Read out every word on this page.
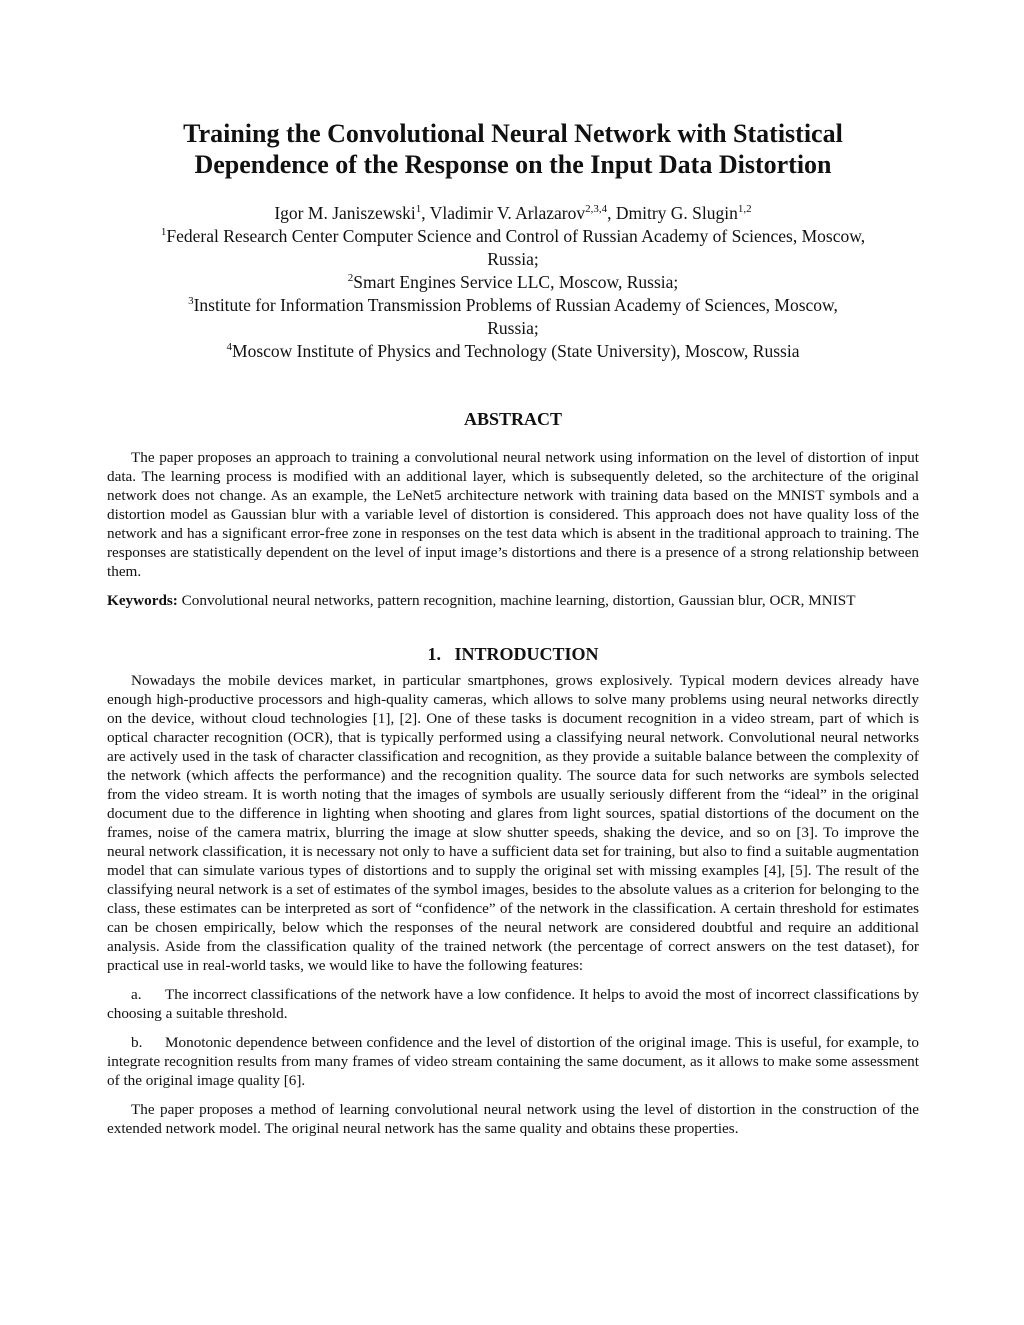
Training the Convolutional Neural Network with Statistical
Dependence of the Response on the Input Data Distortion
Igor M. Janiszewski$^1$, Vladimir V. Arlazarov$^{2,3,4}$, Dmitry G. Slugin$^{1,2}$
$^1$Federal Research Center Computer Science and Control of Russian Academy of Sciences, Moscow,
Russia;
$^2$Smart Engines Service LLC, Moscow, Russia;
$^3$Institute for Information Transmission Problems of Russian Academy of Sciences, Moscow,
Russia;
$^4$Moscow Institute of Physics and Technology (State University), Moscow, Russia
ABSTRACT

The paper proposes an approach to training a convolutional neural network using information on the level of distortion of input data. The learning process is modified with an additional layer, which is subsequently deleted, so the architecture of the original network does not change. As an example, the LeNet5 architecture network with training data based on the MNIST symbols and a distortion model as Gaussian blur with a variable level of distortion is considered. This approach does not have quality loss of the network and has a significant error-free zone in responses on the test data which is absent in the traditional approach to training. The responses are statistically dependent on the level of input image’s distortions and there is a presence of a strong relationship between them.

Keywords: Convolutional neural networks, pattern recognition, machine learning, distortion, Gaussian blur, OCR, MNIST

1.   INTRODUCTION

Nowadays the mobile devices market, in particular smartphones, grows explosively. Typical modern devices already have enough high-productive processors and high-quality cameras, which allows to solve many problems using neural networks directly on the device, without cloud technologies [1], [2]. One of these tasks is document recognition in a video stream, part of which is optical character recognition (OCR), that is typically performed using a classifying neural network. Convolutional neural networks are actively used in the task of character classification and recognition, as they provide a suitable balance between the complexity of the network (which affects the performance) and the recognition quality. The source data for such networks are symbols selected from the video stream. It is worth noting that the images of symbols are usually seriously different from the “ideal” in the original document due to the difference in lighting when shooting and glares from light sources, spatial distortions of the document on the frames, noise of the camera matrix, blurring the image at slow shutter speeds, shaking the device, and so on [3]. To improve the neural network classification, it is necessary not only to have a sufficient data set for training, but also to find a suitable augmentation model that can simulate various types of distortions and to supply the original set with missing examples [4], [5]. The result of the classifying neural network is a set of estimates of the symbol images, besides to the absolute values as a criterion for belonging to the class, these estimates can be interpreted as sort of “confidence” of the network in the classification. A certain threshold for estimates can be chosen empirically, below which the responses of the neural network are considered doubtful and require an additional analysis. Aside from the classification quality of the trained network (the percentage of correct answers on the test dataset), for practical use in real-world tasks, we would like to have the following features:

a. The incorrect classifications of the network have a low confidence. It helps to avoid the most of incorrect classifications by choosing a suitable threshold.

b. Monotonic dependence between confidence and the level of distortion of the original image. This is useful, for example, to integrate recognition results from many frames of video stream containing the same document, as it allows to make some assessment of the original image quality [6].

The paper proposes a method of learning convolutional neural network using the level of distortion in the construction of the extended network model. The original neural network has the same quality and obtains these properties.
